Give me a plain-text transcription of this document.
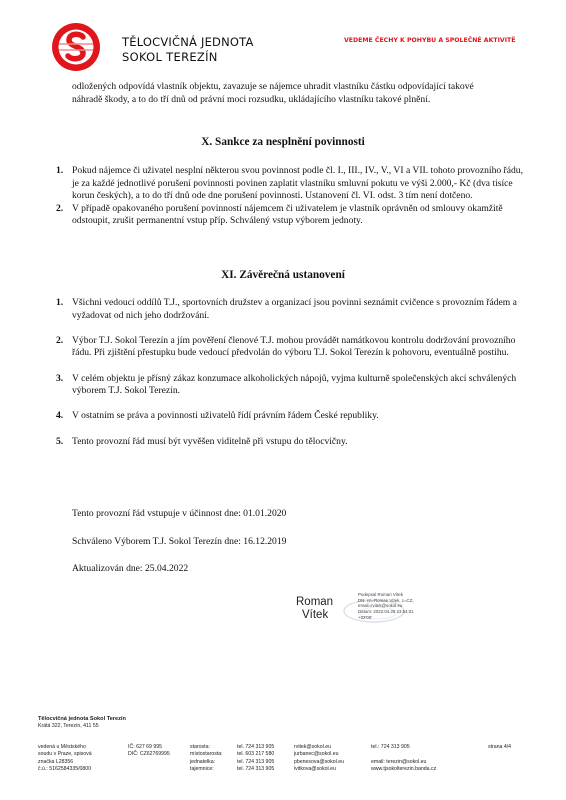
TĚLOCVIČNÁ JEDNOTA
SOKOL TEREZÍN
VEDEME ČECHY K POHYBU A SPOLEČNÉ AKTIVITĚ

odložených odpovídá vlastník objektu, zavazuje se nájemce uhradit vlastníku částku odpovídající takové náhradě škody, a to do tří dnů od právní moci rozsudku, ukládajícího vlastníku takové plnění.

X. Sankce za nesplnění povinnosti
1. Pokud nájemce či uživatel nesplní některou svou povinnost podle čl. I., III., IV., V., VI a VII. tohoto provozního řádu, je za každé jednotlivé porušení povinnosti povinen zaplatit vlastníku smluvní pokutu ve výši 2.000,- Kč (dva tisíce korun českých), a to do tří dnů ode dne porušení povinnosti. Ustanovení čl. VI. odst. 3 tím není dotčeno.
2. V případě opakovaného porušení povinností nájemcem či uživatelem je vlastník oprávněn od smlouvy okamžitě odstoupit, zrušit permanentní vstup příp. Schválený vstup výborem jednoty.
XI. Závěrečná ustanovení
1. Všichni vedoucí oddílů T.J., sportovních družstev a organizací jsou povinni seznámit cvičence s provozním řádem a vyžadovat od nich jeho dodržování.
2. Výbor T.J. Sokol Terezín a jím pověření členové T.J. mohou provádět namátkovou kontrolu dodržování provozního řádu. Při zjištění přestupku bude vedoucí předvolán do výboru T.J. Sokol Terezín k pohovoru, eventuálně postihu.
3. V celém objektu je přísný zákaz konzumace alkoholických nápojů, vyjma kulturně společenských akcí schválených výborem T.J. Sokol Terezín.
4. V ostatním se práva a povinnosti uživatelů řídí právním řádem České republiky.
5. Tento provozní řád musí být vyvěšen viditelně při vstupu do tělocvičny.
Tento provozní řád vstupuje v účinnost dne: 01.01.2020
Schváleno Výborem T.J. Sokol Terezín dne: 16.12.2019
Aktualizován dne: 25.04.2022
Roman
Vítek
Podepsal Roman Vítek
DN: cn=Roman Vítek, c=CZ,
email=rvitek@sokol.eu
Datum: 2022.04.25 23:54:01
+02'00'
Tělocvičná jednota Sokol Terezín
Krátá 322, Terezín, 411 55
vedená u Městského
soudu v Praze, spisová
značka L28356
č.ú.: 5162584335/0800
IČ: 627 69 995
DIČ: CZ62769995
starosta:
místostarosta:
jednatelka:
tajemnice:
tel. 724 313 905
tel. 603 217 580
tel. 724 313 905
tel. 724 313 905
rvitek@sokol.eu
jurbanec@sokol.eu
pbenesova@sokol.eu
lvitkova@sokol.eu
tel.: 724 313 905

email: terezin@sokol.eu
www.tjsokolterezin.banda.cz
strana 4/4
